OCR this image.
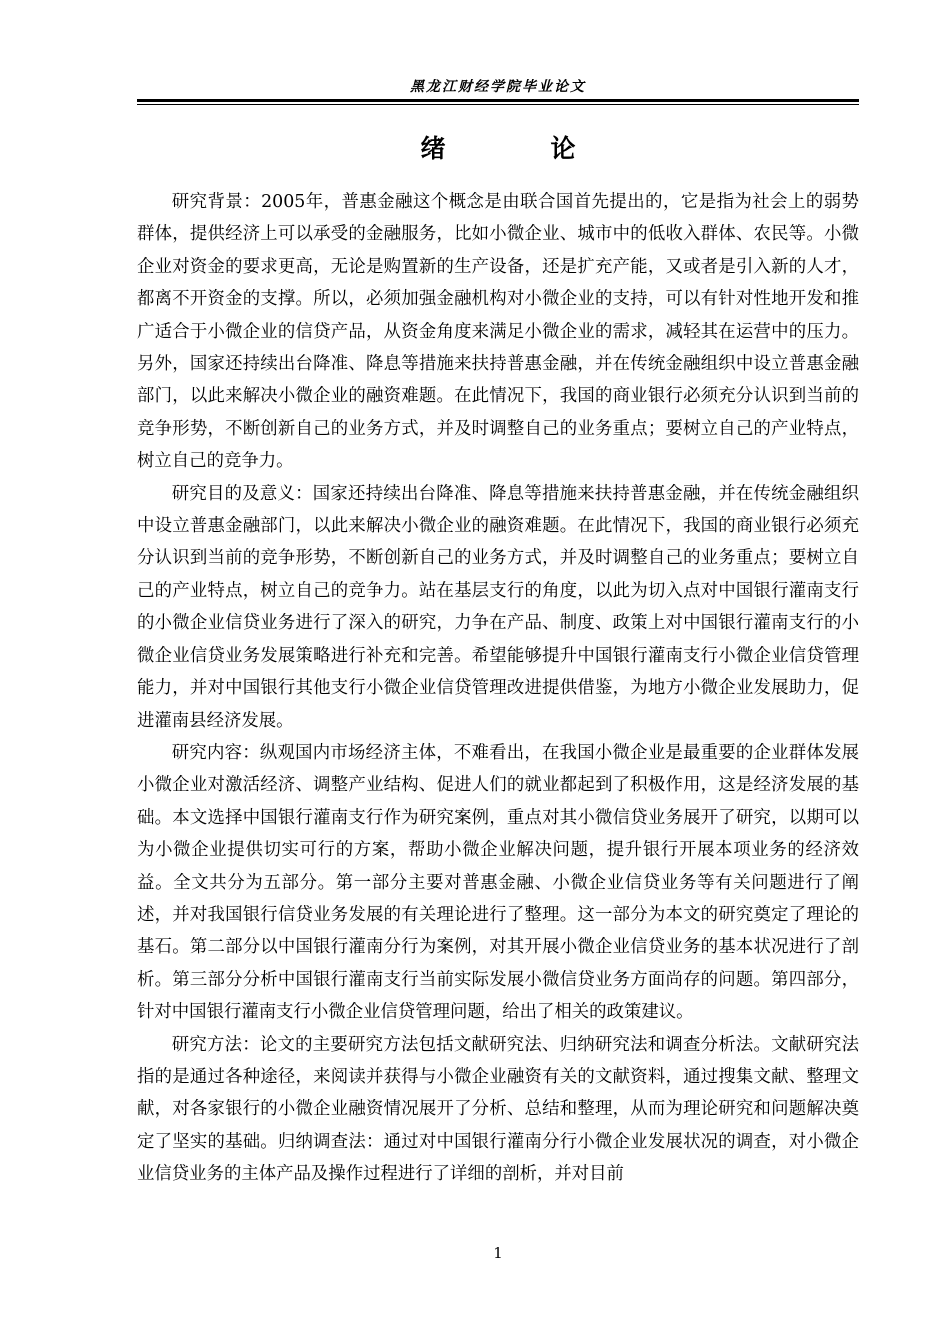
黑龙江财经学院毕业论文
绪　论

研究背景：2005年，普惠金融这个概念是由联合国首先提出的，它是指为社会上的弱势群体，提供经济上可以承受的金融服务，比如小微企业、城市中的低收入群体、农民等。小微企业对资金的要求更高，无论是购置新的生产设备，还是扩充产能，又或者是引入新的人才，都离不开资金的支撑。所以，必须加强金融机构对小微企业的支持，可以有针对性地开发和推广适合于小微企业的信贷产品，从资金角度来满足小微企业的需求，减轻其在运营中的压力。另外，国家还持续出台降准、降息等措施来扶持普惠金融，并在传统金融组织中设立普惠金融部门，以此来解决小微企业的融资难题。在此情况下，我国的商业银行必须充分认识到当前的竞争形势，不断创新自己的业务方式，并及时调整自己的业务重点；要树立自己的产业特点，树立自己的竞争力。

研究目的及意义：国家还持续出台降准、降息等措施来扶持普惠金融，并在传统金融组织中设立普惠金融部门，以此来解决小微企业的融资难题。在此情况下，我国的商业银行必须充分认识到当前的竞争形势，不断创新自己的业务方式，并及时调整自己的业务重点；要树立自己的产业特点，树立自己的竞争力。站在基层支行的角度，以此为切入点对中国银行灌南支行的小微企业信贷业务进行了深入的研究，力争在产品、制度、政策上对中国银行灌南支行的小微企业信贷业务发展策略进行补充和完善。希望能够提升中国银行灌南支行小微企业信贷管理能力，并对中国银行其他支行小微企业信贷管理改进提供借鉴，为地方小微企业发展助力，促进灌南县经济发展。

研究内容：纵观国内市场经济主体，不难看出，在我国小微企业是最重要的企业群体发展小微企业对激活经济、调整产业结构、促进人们的就业都起到了积极作用，这是经济发展的基础。本文选择中国银行灌南支行作为研究案例，重点对其小微信贷业务展开了研究，以期可以为小微企业提供切实可行的方案，帮助小微企业解决问题，提升银行开展本项业务的经济效益。全文共分为五部分。第一部分主要对普惠金融、小微企业信贷业务等有关问题进行了阐述，并对我国银行信贷业务发展的有关理论进行了整理。这一部分为本文的研究奠定了理论的基石。第二部分以中国银行灌南分行为案例，对其开展小微企业信贷业务的基本状况进行了剖析。第三部分分析中国银行灌南支行当前实际发展小微信贷业务方面尚存的问题。第四部分，针对中国银行灌南支行小微企业信贷管理问题，给出了相关的政策建议。

研究方法：论文的主要研究方法包括文献研究法、归纳研究法和调查分析法。文献研究法指的是通过各种途径，来阅读并获得与小微企业融资有关的文献资料，通过搜集文献、整理文献，对各家银行的小微企业融资情况展开了分析、总结和整理，从而为理论研究和问题解决奠定了坚实的基础。归纳调查法：通过对中国银行灌南分行小微企业发展状况的调查，对小微企业信贷业务的主体产品及操作过程进行了详细的剖析，并对目前

1
